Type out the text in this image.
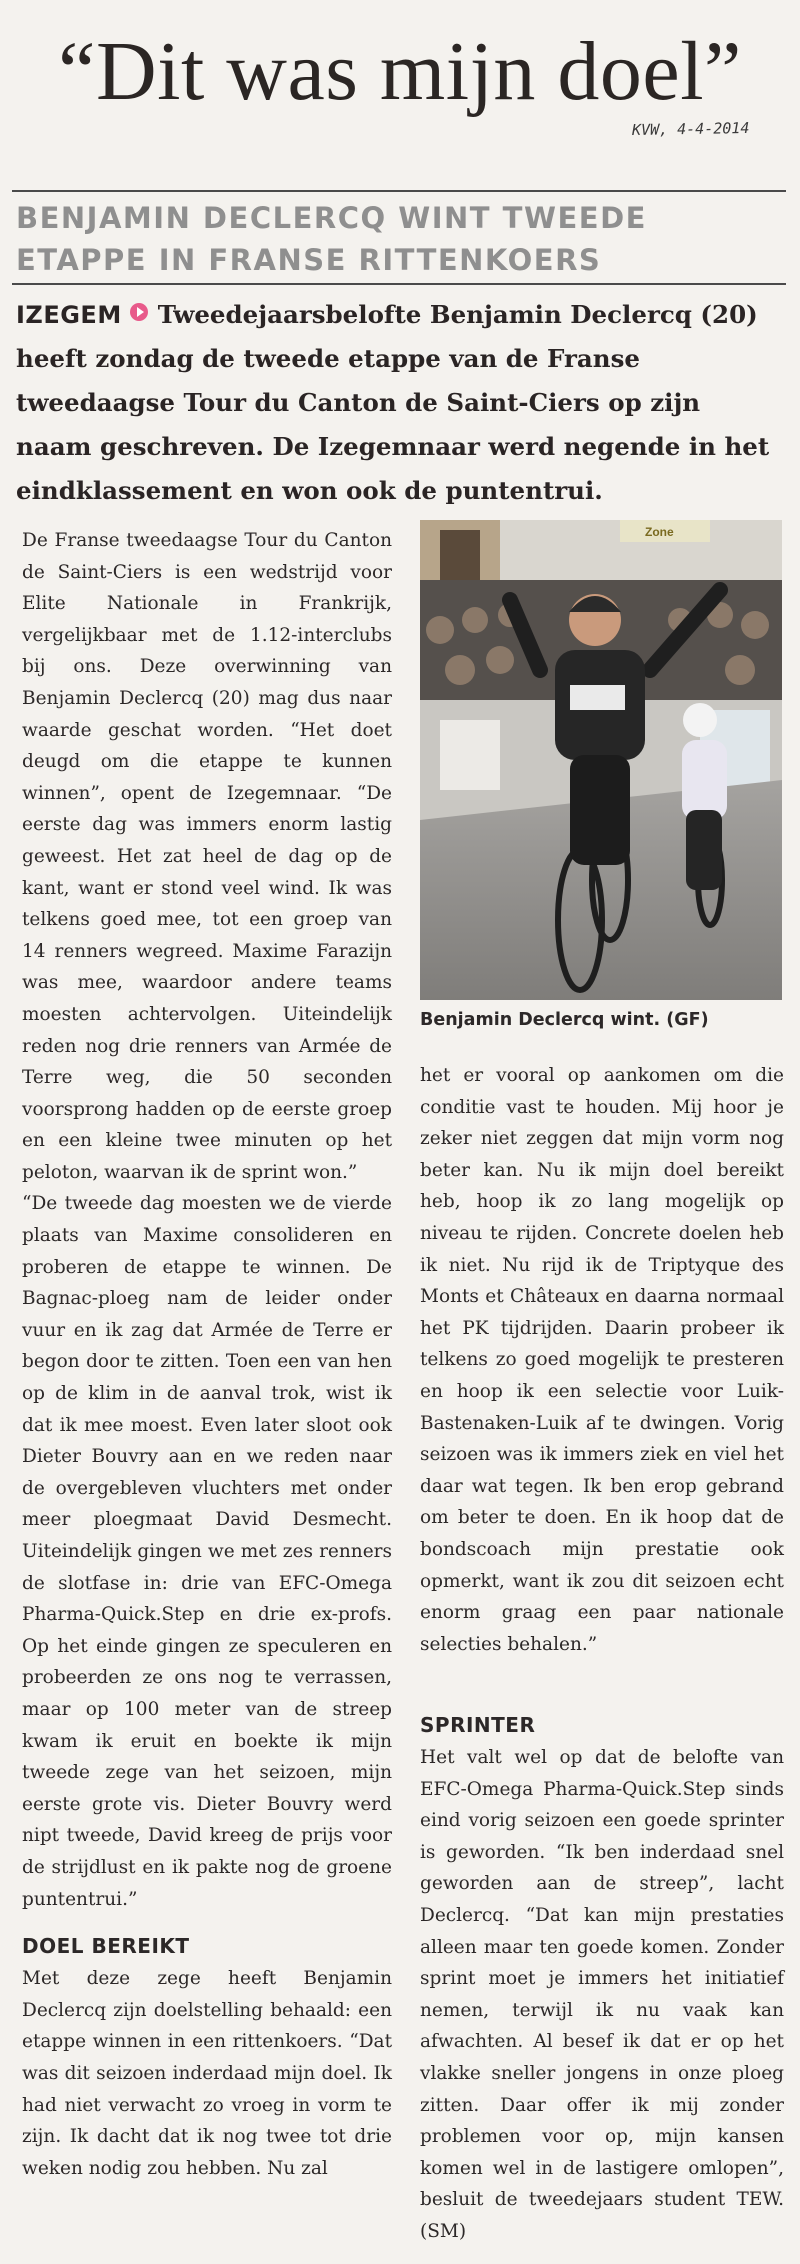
“Dit was mijn doel”
KVW, 4-4-2014
BENJAMIN DECLERCQ WINT TWEEDE
ETAPPE IN FRANSE RITTENKOERS
IZEGEM Tweedejaarsbelofte Benjamin Declercq (20) heeft zondag de tweede etappe van de Franse tweedaagse Tour du Canton de Saint-Ciers op zijn naam geschreven. De Izegemnaar werd negende in het eindklassement en won ook de puntentrui.

De Franse tweedaagse Tour du Canton de Saint-Ciers is een wedstrijd voor Elite Nationale in Frankrijk, vergelijkbaar met de 1.12-interclubs bij ons. Deze overwinning van Benjamin Declercq (20) mag dus naar waarde geschat worden. “Het doet deugd om die etappe te kunnen winnen”, opent de Izegemnaar. “De eerste dag was immers enorm lastig geweest. Het zat heel de dag op de kant, want er stond veel wind. Ik was telkens goed mee, tot een groep van 14 renners wegreed. Maxime Farazijn was mee, waardoor andere teams moesten achtervolgen. Uiteindelijk reden nog drie renners van Armée de Terre weg, die 50 seconden voorsprong hadden op de eerste groep en een kleine twee minuten op het peloton, waarvan ik de sprint won.”

“De tweede dag moesten we de vierde plaats van Maxime consolideren en proberen de etappe te winnen. De Bagnac-ploeg nam de leider onder vuur en ik zag dat Armée de Terre er begon door te zitten. Toen een van hen op de klim in de aanval trok, wist ik dat ik mee moest. Even later sloot ook Dieter Bouvry aan en we reden naar de overgebleven vluchters met onder meer ploegmaat David Desmecht. Uiteindelijk gingen we met zes renners de slotfase in: drie van EFC-Omega Pharma-Quick.Step en drie ex-profs. Op het einde gingen ze speculeren en probeerden ze ons nog te verrassen, maar op 100 meter van de streep kwam ik eruit en boekte ik mijn tweede zege van het seizoen, mijn eerste grote vis. Dieter Bouvry werd nipt tweede, David kreeg de prijs voor de strijdlust en ik pakte nog de groene puntentrui.”

DOEL BEREIKT

Met deze zege heeft Benjamin Declercq zijn doelstelling behaald: een etappe winnen in een rittenkoers. “Dat was dit seizoen inderdaad mijn doel. Ik had niet verwacht zo vroeg in vorm te zijn. Ik dacht dat ik nog twee tot drie weken nodig zou hebben. Nu zal

Zone
Benjamin Declercq wint. (GF)

het er vooral op aankomen om die conditie vast te houden. Mij hoor je zeker niet zeggen dat mijn vorm nog beter kan. Nu ik mijn doel bereikt heb, hoop ik zo lang mogelijk op niveau te rijden. Concrete doelen heb ik niet. Nu rijd ik de Triptyque des Monts et Châteaux en daarna normaal het PK tijdrijden. Daarin probeer ik telkens zo goed mogelijk te presteren en hoop ik een selectie voor Luik-Bastenaken-Luik af te dwingen. Vorig seizoen was ik immers ziek en viel het daar wat tegen. Ik ben erop gebrand om beter te doen. En ik hoop dat de bondscoach mijn prestatie ook opmerkt, want ik zou dit seizoen echt enorm graag een paar nationale selecties behalen.”

SPRINTER

Het valt wel op dat de belofte van EFC-Omega Pharma-Quick.Step sinds eind vorig seizoen een goede sprinter is geworden. “Ik ben inderdaad snel geworden aan de streep”, lacht Declercq. “Dat kan mijn prestaties alleen maar ten goede komen. Zonder sprint moet je immers het initiatief nemen, terwijl ik nu vaak kan afwachten. Al besef ik dat er op het vlakke sneller jongens in onze ploeg zitten. Daar offer ik mij zonder problemen voor op, mijn kansen komen wel in de lastigere omlopen”, besluit de tweedejaars student TEW. (SM)
